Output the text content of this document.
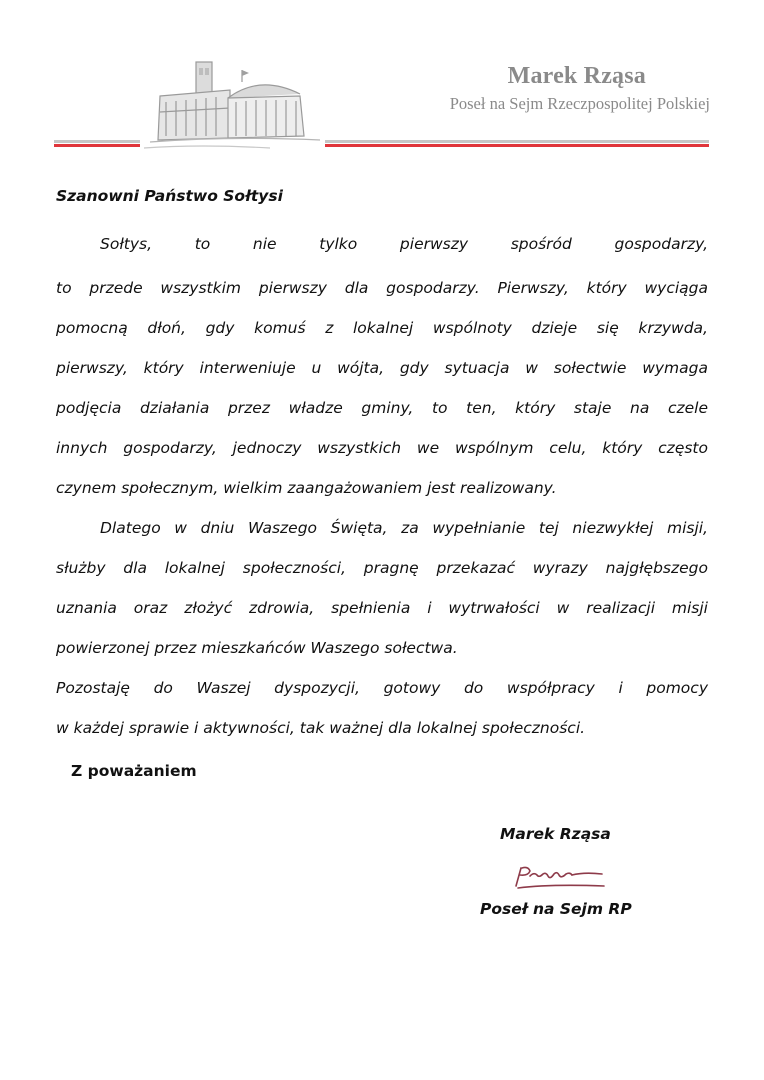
Marek Rząsa
Poseł na Sejm Rzeczpospolitej Polskiej
Szanowni Państwo Sołtysi
Sołtys, to nie tylko pierwszy spośród gospodarzy,
to przede wszystkim pierwszy dla gospodarzy. Pierwszy, który wyciąga
pomocną dłoń, gdy komuś z lokalnej wspólnoty dzieje się krzywda,
pierwszy, który interweniuje u wójta, gdy sytuacja w sołectwie wymaga
podjęcia działania przez władze gminy, to ten, który staje na czele
innych gospodarzy, jednoczy wszystkich we wspólnym celu, który często
czynem społecznym, wielkim zaangażowaniem jest realizowany.
Dlatego w dniu Waszego Święta, za wypełnianie tej niezwykłej misji,
służby dla lokalnej społeczności, pragnę przekazać wyrazy najgłębszego
uznania oraz złożyć zdrowia, spełnienia i wytrwałości w realizacji misji
powierzonej przez mieszkańców Waszego sołectwa.
Pozostaję do Waszej dyspozycji, gotowy do współpracy i pomocy
w każdej sprawie i aktywności, tak ważnej dla lokalnej społeczności.
Z poważaniem
Marek Rząsa
Poseł na Sejm RP
